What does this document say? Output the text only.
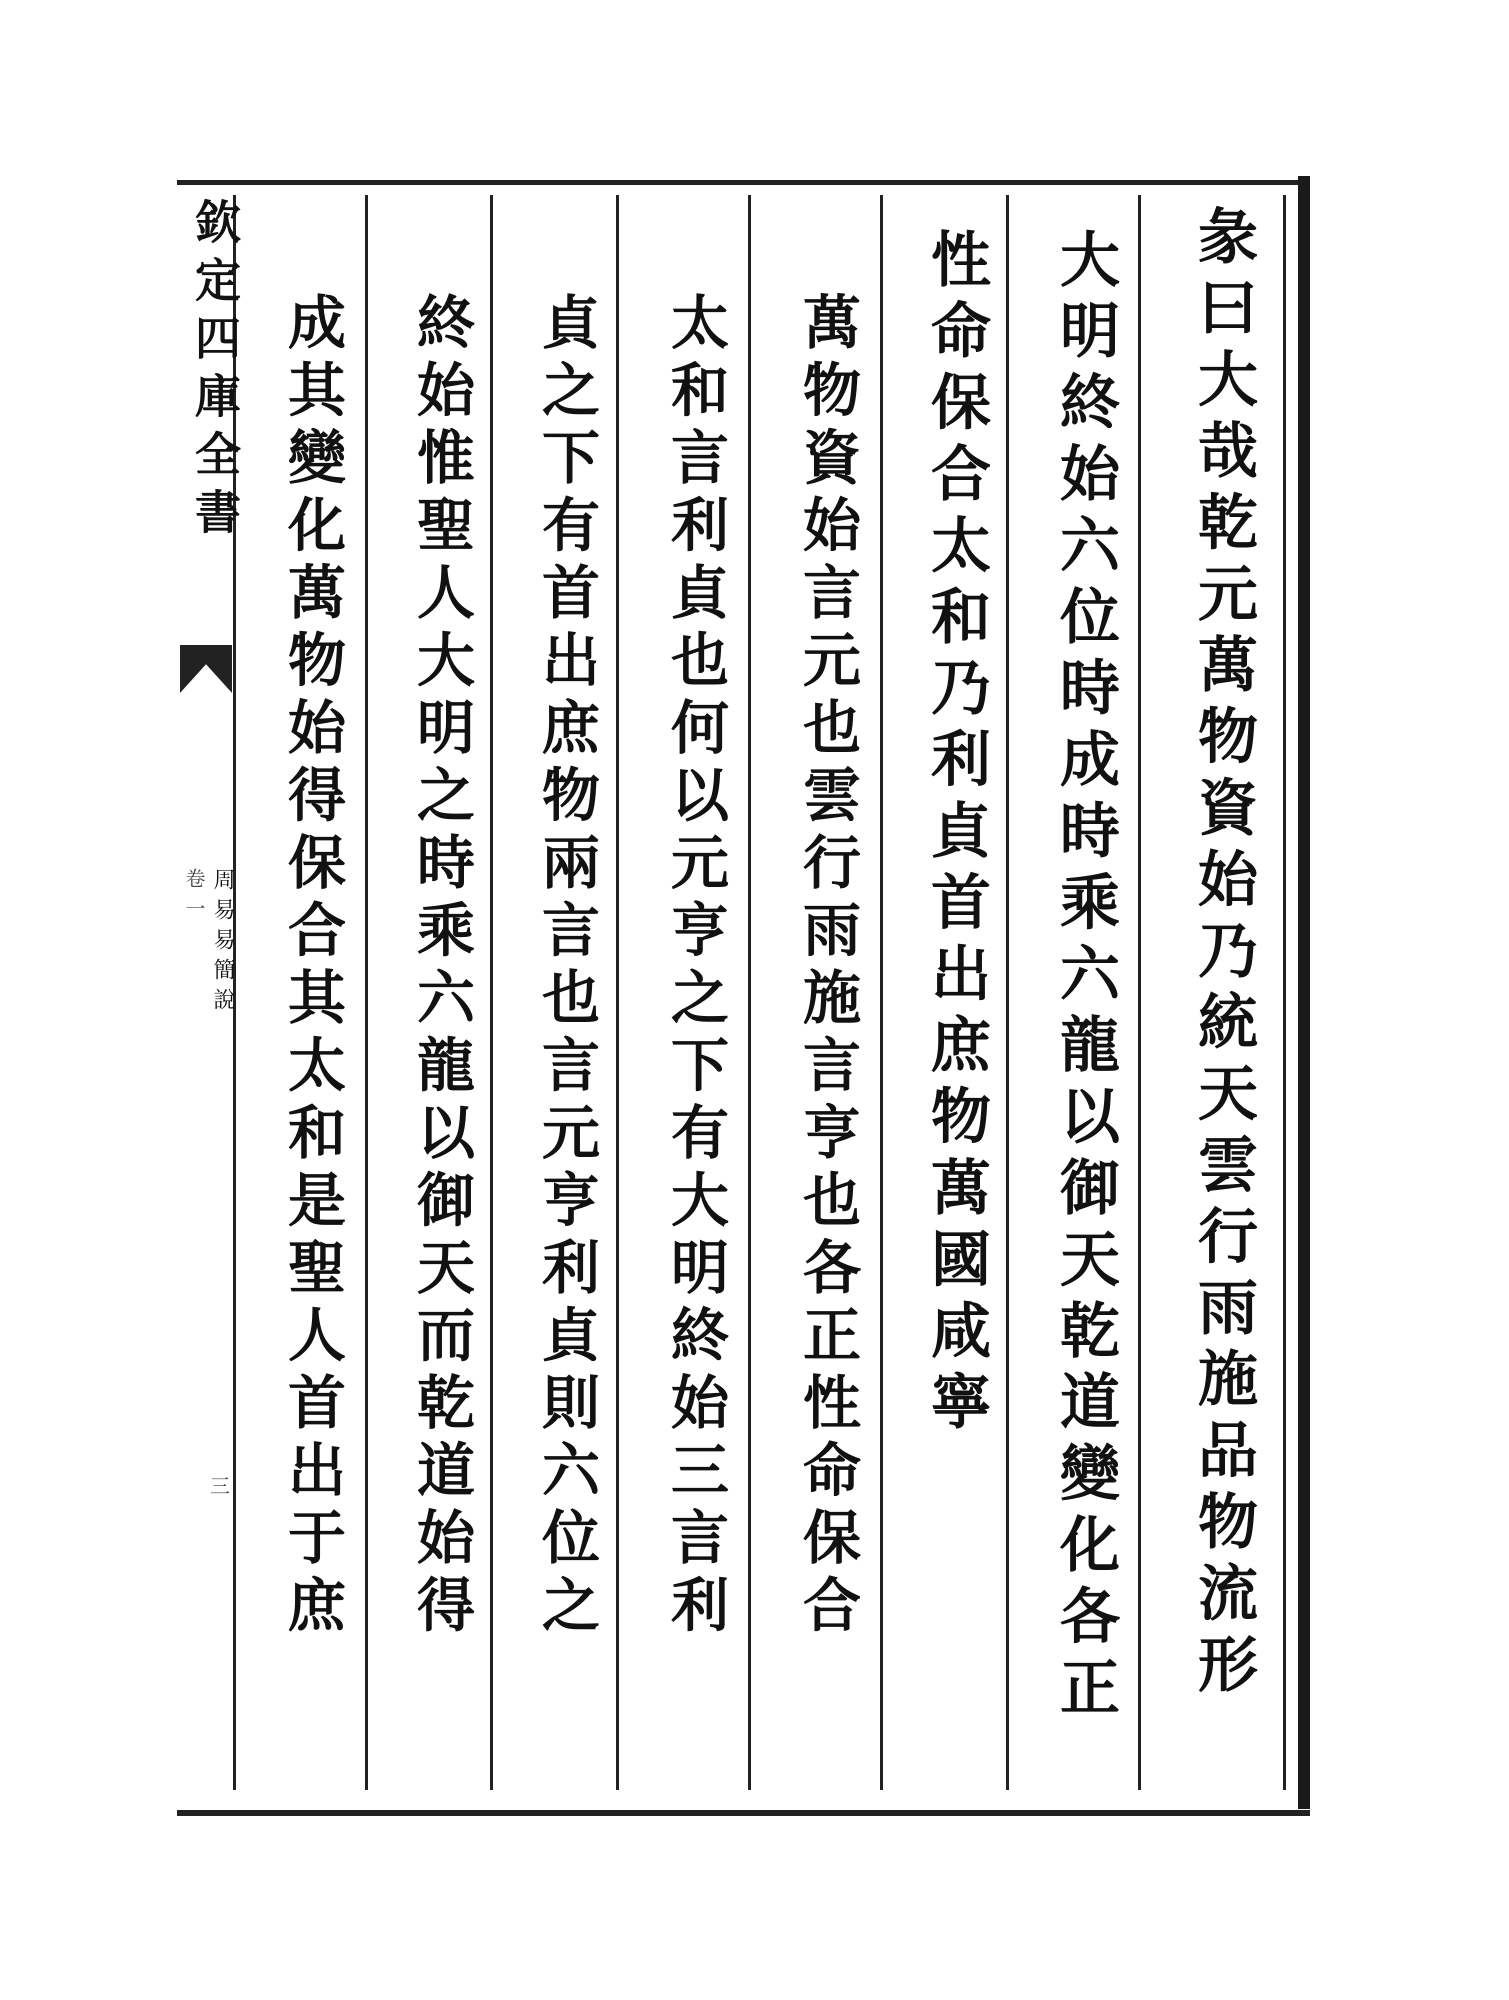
欽定四庫全書
卷一 周易易簡說
三	彖曰大哉乾元萬物資始乃統天雲行雨施品物流形
大明終始六位時成時乘六龍以御天乾道變化各正
性命保合太和乃利貞首出庶物萬國咸寧
萬物資始言元也雲行雨施言亨也各正性命保合
太和言利貞也何以元亨之下有大明終始三言利
貞之下有首出庶物兩言也言元亨利貞則六位之
終始惟聖人大明之時乘六龍以御天而乾道始得
成其變化萬物始得保合其太和是聖人首出于庶
